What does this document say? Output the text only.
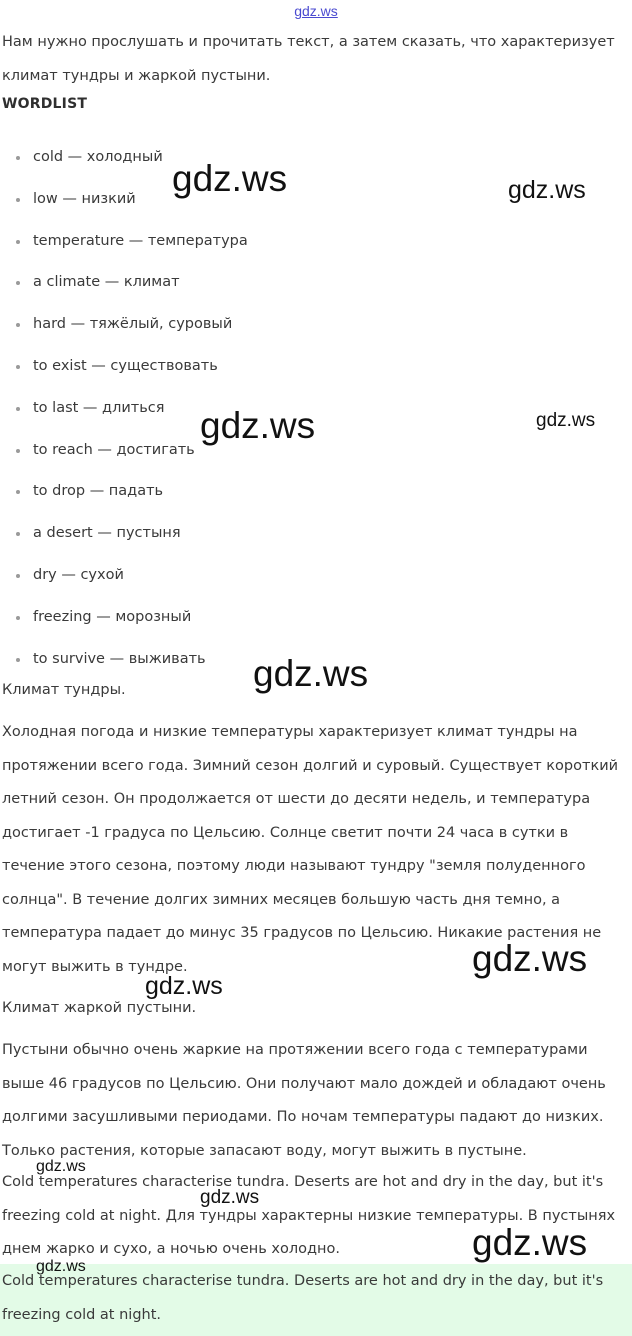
gdz.ws

Нам нужно прослушать и прочитать текст, а затем сказать, что характеризует климат тундры и жаркой пустыни.

WORDLIST
cold — холодный
low — низкий
temperature — температура
a climate — климат
hard — тяжёлый, суровый
to exist — существовать
to last — длиться
to reach — достигать
to drop — падать
a desert — пустыня
dry — сухой
freezing — морозный
to survive — выживать
Климат тундры.

Холодная погода и низкие температуры характеризует климат тундры на протяжении всего года. Зимний сезон долгий и суровый. Существует короткий летний сезон. Он продолжается от шести до десяти недель, и температура достигает -1 градуса по Цельсию. Солнце светит почти 24 часа в сутки в течение этого сезона, поэтому люди называют тундру "земля полуденного солнца". В течение долгих зимних месяцев большую часть дня темно, а температура падает до минус 35 градусов по Цельсию. Никакие растения не могут выжить в тундре.

Климат жаркой пустыни.

Пустыни обычно очень жаркие на протяжении всего года с температурами выше 46 градусов по Цельсию. Они получают мало дождей и обладают очень долгими засушливыми периодами. По ночам температуры падают до низких. Только растения, которые запасают воду, могут выжить в пустыне.

Cold temperatures characterise tundra. Deserts are hot and dry in the day, but it's freezing cold at night. Для тундры характерны низкие температуры. В пустынях днем жарко и сухо, а ночью очень холодно.

Cold temperatures characterise tundra. Deserts are hot and dry in the day, but it's freezing cold at night.

gdz.ws	gdz.ws
gdz.ws	gdz.ws
gdz.ws
gdz.ws
gdz.ws
gdz.ws
gdz.ws
gdz.ws
gdz.ws
